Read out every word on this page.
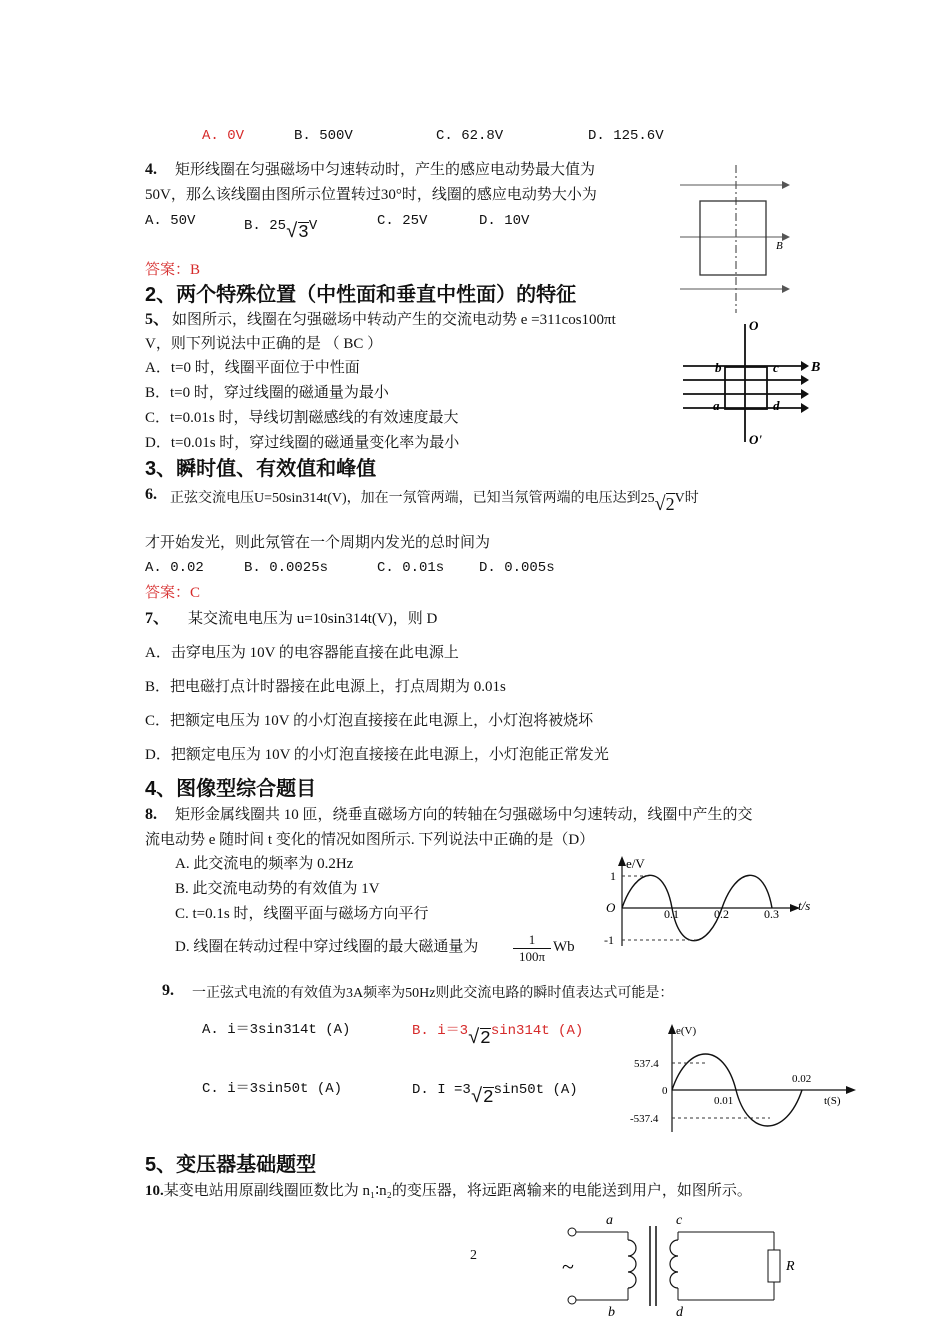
A. 0V	B. 500V	C. 62.8V	D. 125.6V
4. 矩形线圈在匀强磁场中匀速转动时，产生的感应电动势最大值为
50V，那么该线圈由图所示位置转过30°时，线圈的感应电动势大小为
A. 50V	B. 25√3V	C. 25V	D. 10V
答案：B
B
2、两个特殊位置（中性面和垂直中性面）的特征
5、 如图所示，线圈在匀强磁场中转动产生的交流电动势 e =311cos100πt
V，则下列说法中正确的是 （ BC ）
A．t=0 时，线圈平面位于中性面
B．t=0 时，穿过线圈的磁通量为最小
C．t=0.01s 时，导线切割磁感线的有效速度最大
D．t=0.01s 时，穿过线圈的磁通量变化率为最小
O
O'
b	c
a	d
B
3、瞬时值、有效值和峰值
6. 正弦交流电压U=50sin314t(V)，加在一氖管两端，已知当氖管两端的电压达到25√2V时
才开始发光，则此氖管在一个周期内发光的总时间为
A. 0.02	B. 0.0025s	C. 0.01s D. 0.005s
答案：C
7、 某交流电电压为 u=10sin314t(V)，则 D
A．击穿电压为 10V 的电容器能直接在此电源上
B．把电磁打点计时器接在此电源上，打点周期为 0.01s
C．把额定电压为 10V 的小灯泡直接接在此电源上，小灯泡将被烧坏
D．把额定电压为 10V 的小灯泡直接接在此电源上，小灯泡能正常发光
4、图像型综合题目
8. 矩形金属线圈共 10 匝，绕垂直磁场方向的转轴在匀强磁场中匀速转动，线圈中产生的交
流电动势 e 随时间 t 变化的情况如图所示. 下列说法中正确的是（D）
A. 此交流电的频率为 0.2Hz
B. 此交流电动势的有效值为 1V
C. t=0.1s 时，线圈平面与磁场方向平行
D. 线圈在转动过程中穿过线圈的最大磁通量为	1
100π
Wb
e/V
t/s
O
1
-1
0.1	0.2	0.3
9. 一正弦式电流的有效值为3A频率为50Hz则此交流电路的瞬时值表达式可能是：
A. i＝3sin314t (A)	B. i＝3√2sin314t (A)
C. i＝3sin50t (A)	D. I =3√2sin50t (A)
e(V)
t(S)
537.4
-537.4
0
0.01
0.02
5、变压器基础题型
10.某变电站用原副线圈匝数比为 n₁∶n₂的变压器，将远距离输来的电能送到用户，如图所示。
2	~
a
b
c
d
R
